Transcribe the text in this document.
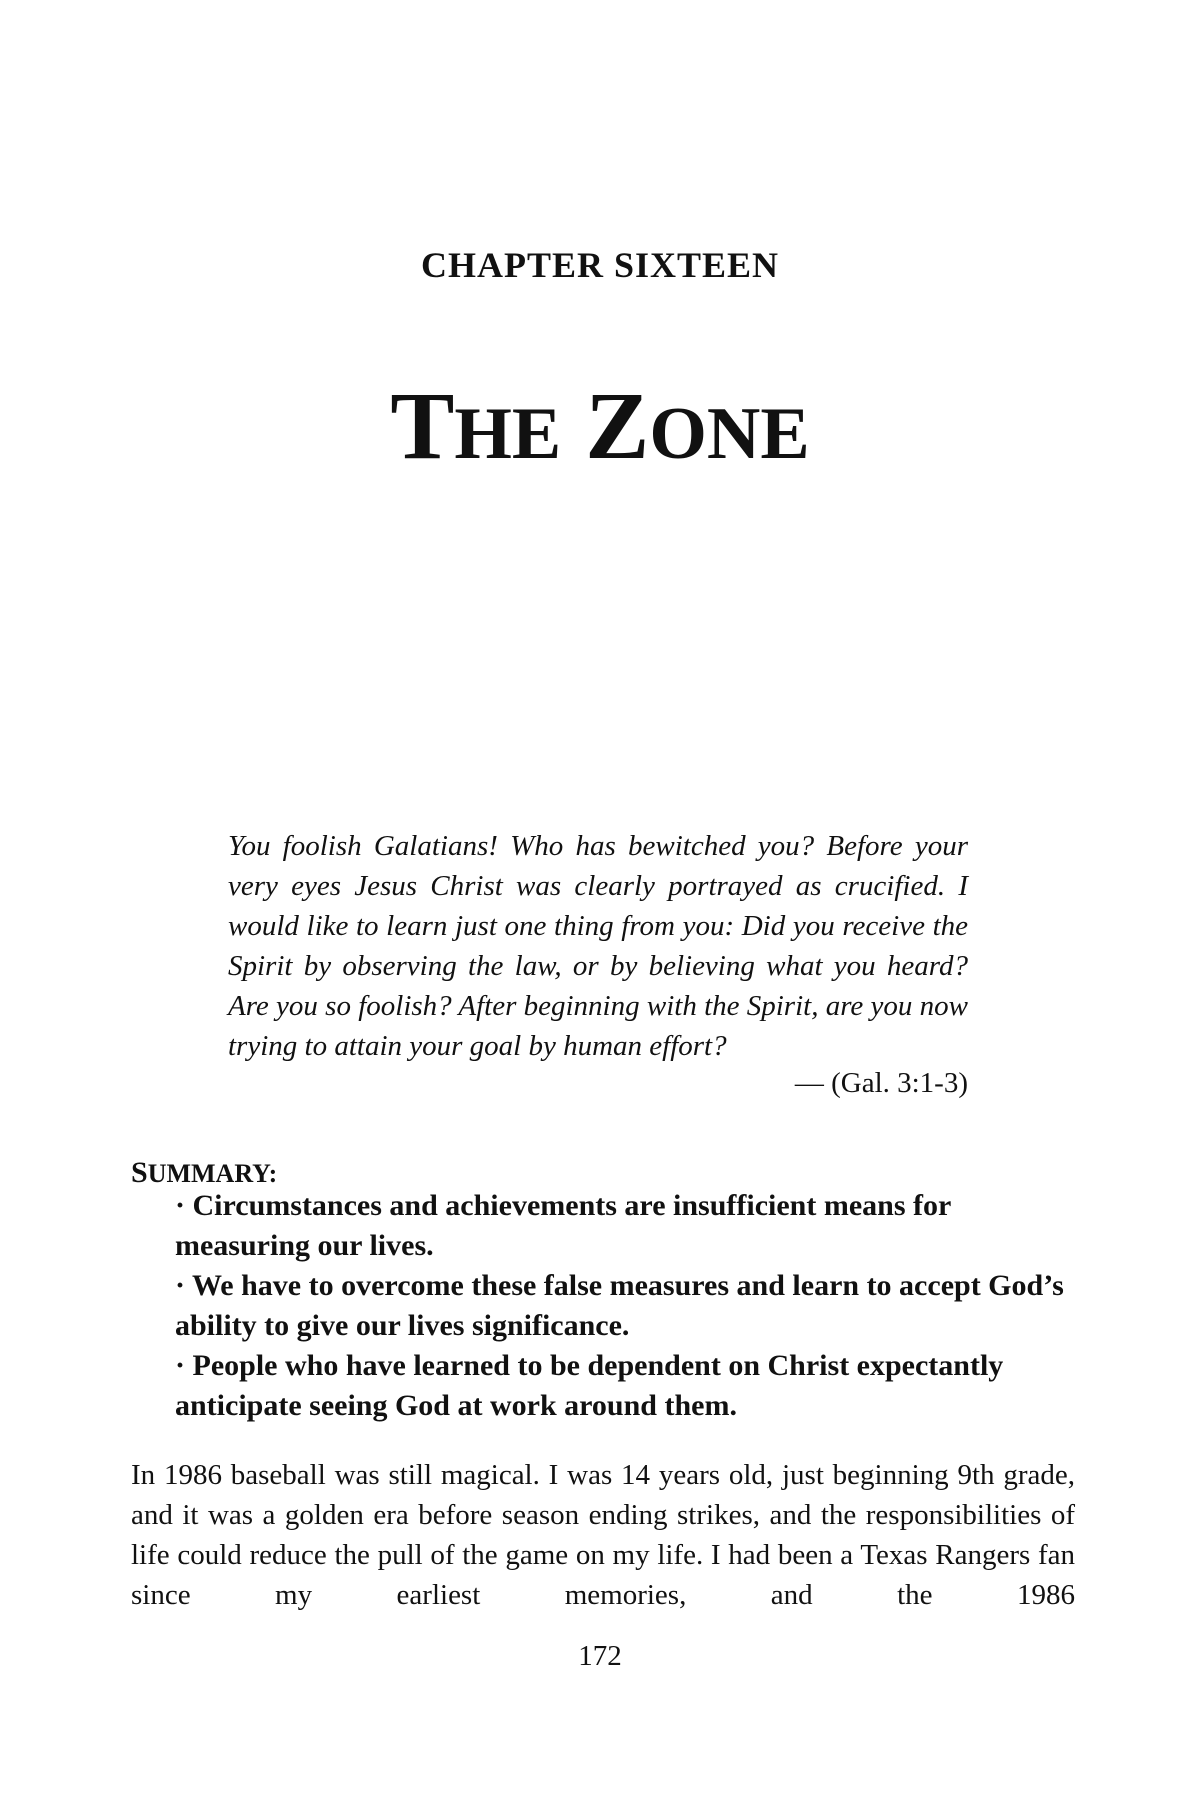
CHAPTER SIXTEEN
THE ZONE

You foolish Galatians! Who has bewitched you? Before your very eyes Jesus Christ was clearly portrayed as crucified. I would like to learn just one thing from you: Did you receive the Spirit by observing the law, or by believing what you heard? Are you so foolish? After beginning with the Spirit, are you now trying to attain your goal by human effort?

— (Gal. 3:1-3)
SUMMARY:
· Circumstances and achievements are insufficient means for measuring our lives.
· We have to overcome these false measures and learn to accept God’s ability to give our lives significance.
· People who have learned to be dependent on Christ expectantly anticipate seeing God at work around them.

In 1986 baseball was still magical. I was 14 years old, just beginning 9th grade, and it was a golden era before season ending strikes, and the responsibilities of life could reduce the pull of the game on my life. I had been a Texas Rangers fan since my earliest memories, and the 1986

172
